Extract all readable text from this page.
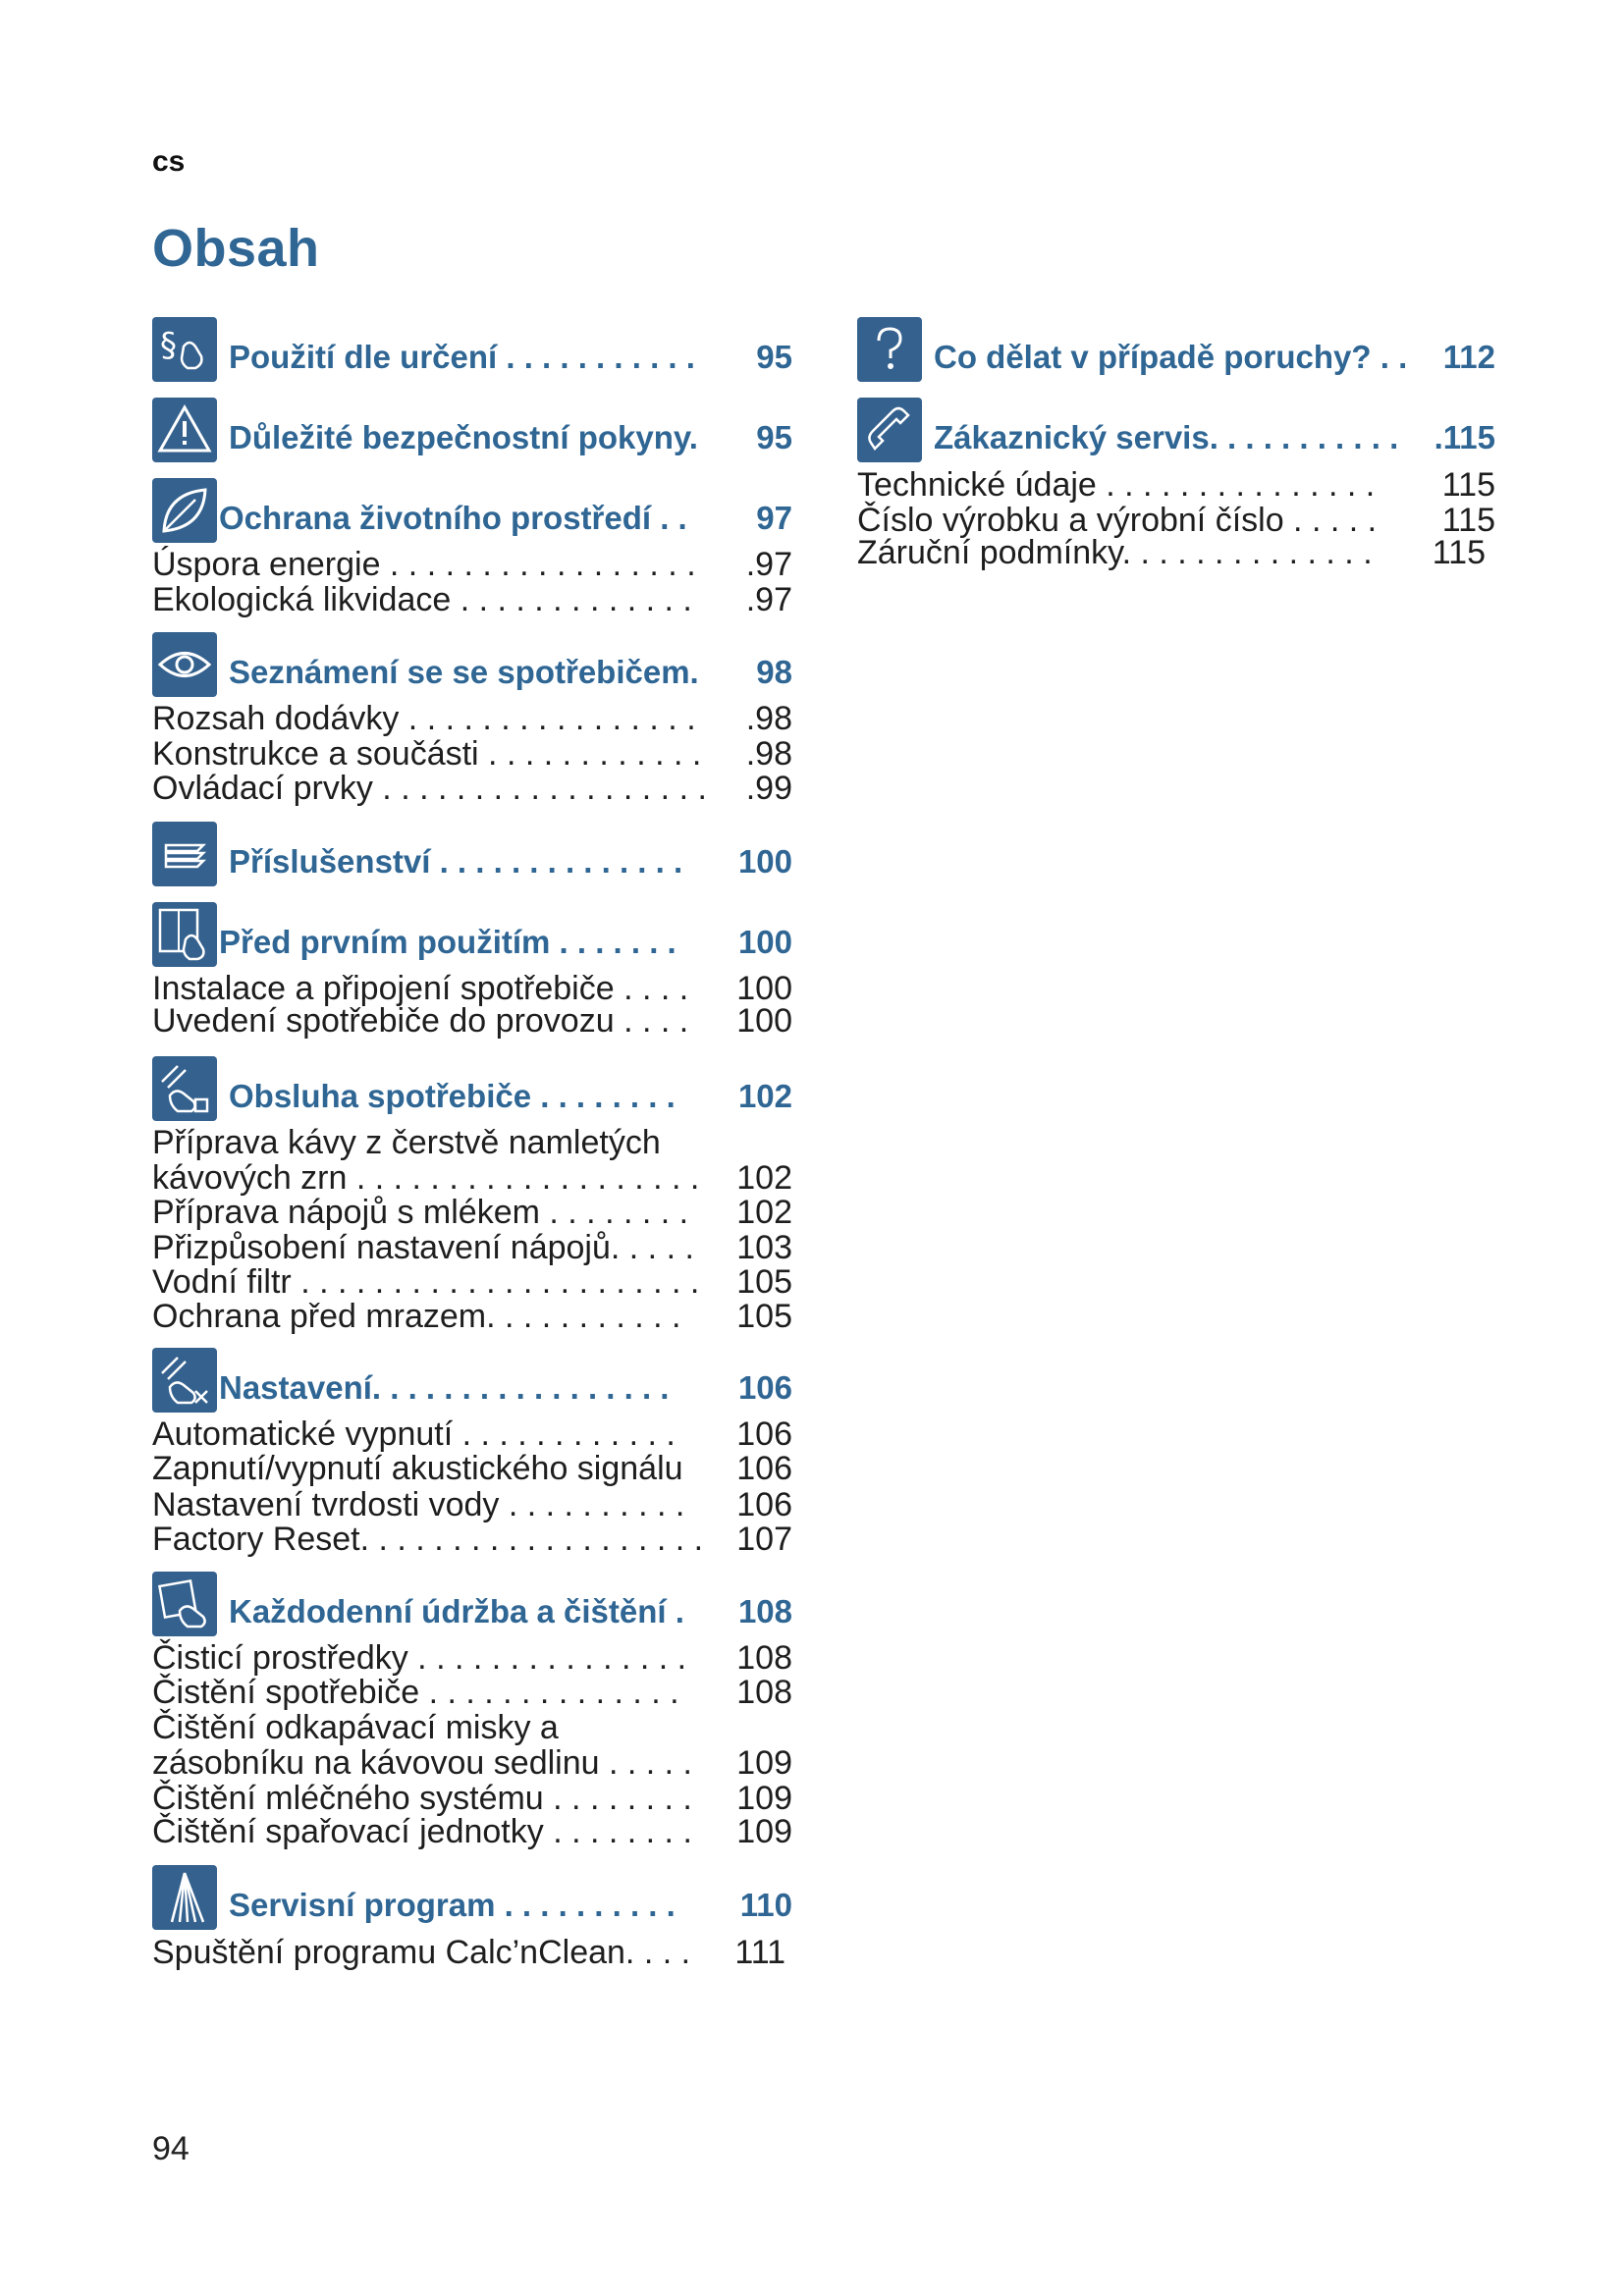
cs
Obsah
§ Použití dle určení . . . . . . . . . . . 95
Důležité bezpečnostní pokyny. 95
Ochrana životního prostředí . . 97
Úspora energie . . . . . . . . . . . . . . . . . .97
Ekologická likvidace . . . . . . . . . . . . . .97
Seznámení se se spotřebičem. 98
Rozsah dodávky . . . . . . . . . . . . . . . . .98
Konstrukce a součásti . . . . . . . . . . . . .98
Ovládací prvky . . . . . . . . . . . . . . . . . . .99
Příslušenství . . . . . . . . . . . . . . 100
Před prvním použitím . . . . . . . 100
Instalace a připojení spotřebiče . . . . 100
Uvedení spotřebiče do provozu . . . . 100
Obsluha spotřebiče . . . . . . . . 102
Příprava kávy z čerstvě namletých
kávových zrn . . . . . . . . . . . . . . . . . . . 102
Příprava nápojů s mlékem . . . . . . . . 102
Přizpůsobení nastavení nápojů. . . . . 103
Vodní filtr . . . . . . . . . . . . . . . . . . . . . . 105
Ochrana před mrazem. . . . . . . . . . . 105
Nastavení. . . . . . . . . . . . . . . . . 106
Automatické vypnutí . . . . . . . . . . . . 106
Zapnutí/vypnutí akustického signálu 106
Nastavení tvrdosti vody . . . . . . . . . . 106
Factory Reset. . . . . . . . . . . . . . . . . . . 107
Každodenní údržba a čištění . 108
Čisticí prostředky . . . . . . . . . . . . . . . 108
Čistění spotřebiče . . . . . . . . . . . . . . 108
Čištění odkapávací misky a
zásobníku na kávovou sedlinu . . . . . 109
Čištění mléčného systému . . . . . . . . 109
Čištění spařovací jednotky . . . . . . . . 109
Servisní program . . . . . . . . . . 110
Spuštění programu Calc’nClean. . . . 111
Co dělat v případě poruchy? . . 112
Zákaznický servis. . . . . . . . . . . .115
Technické údaje . . . . . . . . . . . . . . . 115
Číslo výrobku a výrobní číslo . . . . . 115
Záruční podmínky. . . . . . . . . . . . . . 115
94
